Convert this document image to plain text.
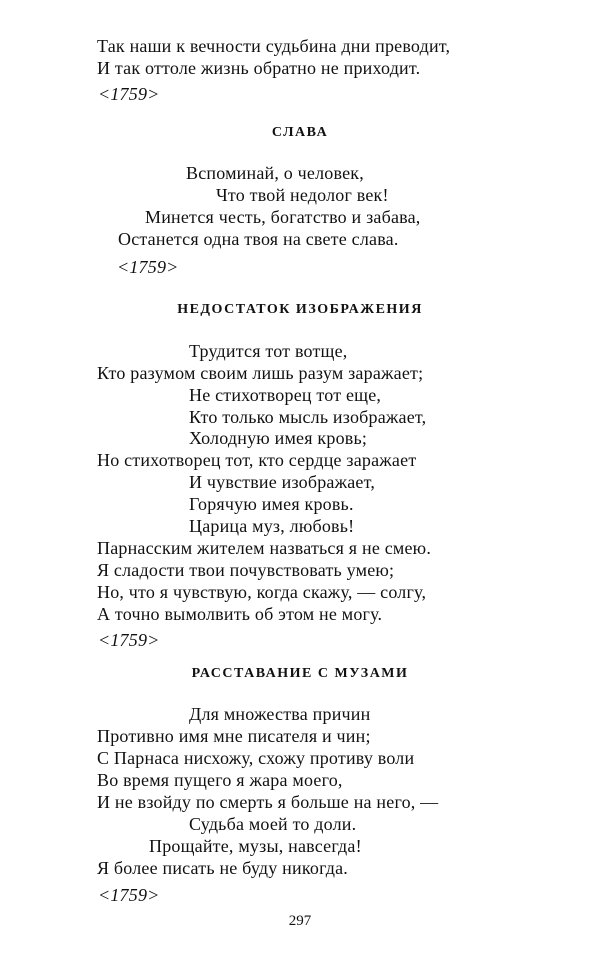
Так наши к вечности судьбина дни преводит,
И так оттоле жизнь обратно не приходит.
<1759>
СЛАВА
Вспоминай, о человек,
Что твой недолог век!
Минется честь, богатство и забава,
Останется одна твоя на свете слава.
<1759>
НЕДОСТАТОК ИЗОБРАЖЕНИЯ
Трудится тот вотще,
Кто разумом своим лишь разум заражает;
Не стихотворец тот еще,
Кто только мысль изображает,
Холодную имея кровь;
Но стихотворец тот, кто сердце заражает
И чувствие изображает,
Горячую имея кровь.
Царица муз, любовь!
Парнасским жителем назваться я не смею.
Я сладости твои почувствовать умею;
Но, что я чувствую, когда скажу, — солгу,
А точно вымолвить об этом не могу.
<1759>
РАССТАВАНИЕ С МУЗАМИ
Для множества причин
Противно имя мне писателя и чин;
С Парнаса нисхожу, схожу противу воли
Во время пущего я жара моего,
И не взойду по смерть я больше на него, —
Судьба моей то доли.
Прощайте, музы, навсегда!
Я более писать не буду никогда.
<1759>
297
